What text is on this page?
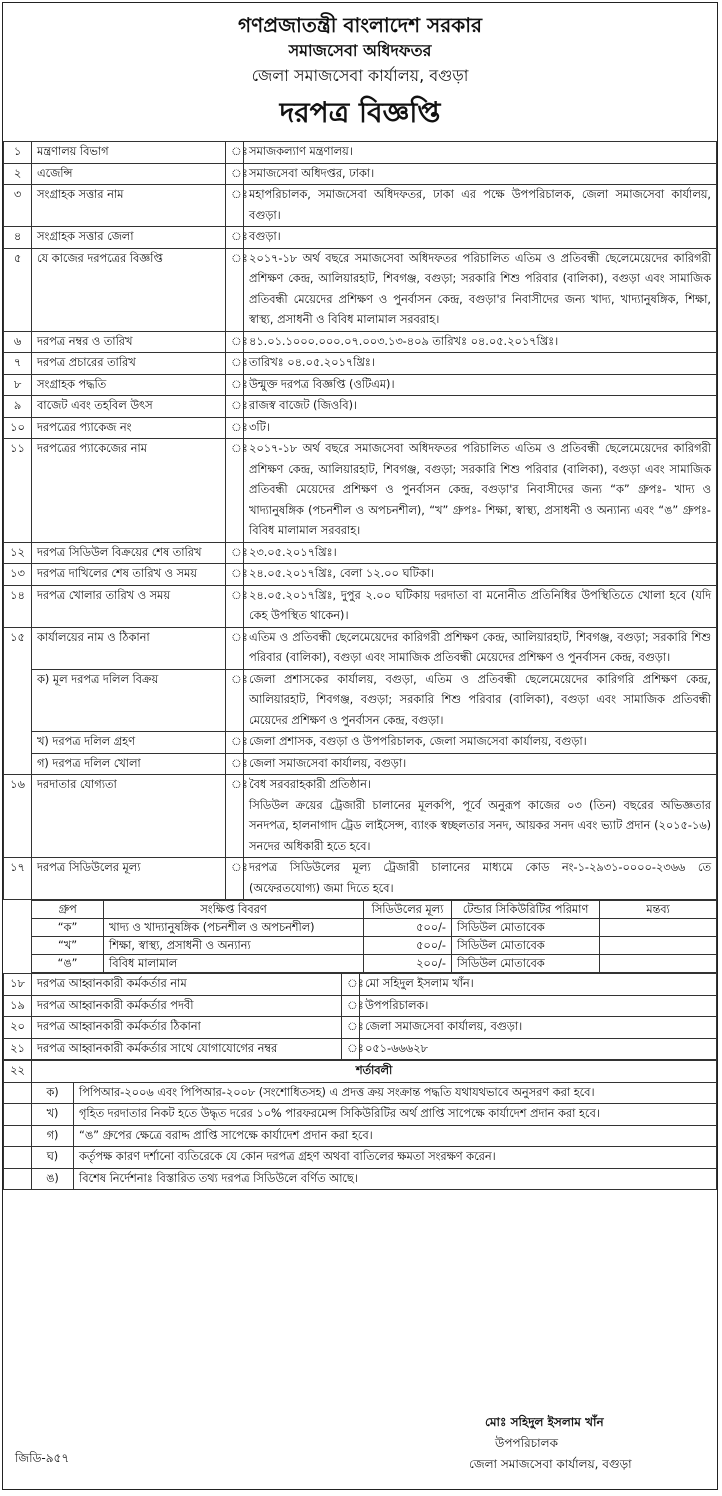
গণপ্রজাতন্ত্রী বাংলাদেশ সরকার
সমাজসেবা অধিদফতর
জেলা সমাজসেবা কার্যালয়, বগুড়া
দরপত্র বিজ্ঞপ্তি
১	মন্ত্রণালয় বিভাগ	ঃ	সমাজকল্যাণ মন্ত্রণালয়।
২	এজেন্সি	ঃ	সমাজসেবা অধিদপ্তর, ঢাকা।
৩	সংগ্রাহক সত্তার নাম	ঃ	মহাপরিচালক, সমাজসেবা অধিদফতর, ঢাকা এর পক্ষে উপপরিচালক, জেলা সমাজসেবা কার্যালয়, বগুড়া।
৪	সংগ্রাহক সত্তার জেলা	ঃ	বগুড়া।
৫	যে কাজের দরপত্রের বিজ্ঞপ্তি	ঃ	২০১৭-১৮ অর্থ বছরে সমাজসেবা অধিদফতর পরিচালিত এতিম ও প্রতিবন্ধী ছেলেমেয়েদের কারিগরী প্রশিক্ষণ কেন্দ্র, আলিয়ারহাট, শিবগঞ্জ, বগুড়া; সরকারি শিশু পরিবার (বালিকা), বগুড়া এবং সামাজিক প্রতিবন্ধী মেয়েদের প্রশিক্ষণ ও পুনর্বাসন কেন্দ্র, বগুড়া'র নিবাসীদের জন্য খাদ্য, খাদ্যানুষঙ্গিক, শিক্ষা, স্বাস্থ্য, প্রসাধনী ও বিবিধ মালামাল সরবরাহ।
৬	দরপত্র নম্বর ও তারিখ	ঃ	৪১.০১.১০০০.০০০.০৭.০০৩.১৩-৪০৯ তারিখঃ ০৪.০৫.২০১৭খ্রিঃ।
৭	দরপত্র প্রচারের তারিখ	ঃ	তারিখঃ ০৪.০৫.২০১৭খ্রিঃ।
৮	সংগ্রাহক পদ্ধতি	ঃ	উন্মুক্ত দরপত্র বিজ্ঞপ্তি (ওটিএম)।
৯	বাজেট এবং তহবিল উৎস	ঃ	রাজস্ব বাজেট (জিওবি)।
১০	দরপত্রের প্যাকেজ নং	ঃ	৩টি।
১১	দরপত্রের প্যাকেজের নাম	ঃ	২০১৭-১৮ অর্থ বছরে সমাজসেবা অধিদফতর পরিচালিত এতিম ও প্রতিবন্ধী ছেলেমেয়েদের কারিগরী প্রশিক্ষণ কেন্দ্র, আলিয়ারহাট, শিবগঞ্জ, বগুড়া; সরকারি শিশু পরিবার (বালিকা), বগুড়া এবং সামাজিক প্রতিবন্ধী মেয়েদের প্রশিক্ষণ ও পুনর্বাসন কেন্দ্র, বগুড়া'র নিবাসীদের জন্য “ক” গ্রুপঃ- খাদ্য ও খাদ্যানুষঙ্গিক (পচনশীল ও অপচনশীল), “খ” গ্রুপঃ- শিক্ষা, স্বাস্থ্য, প্রসাধনী ও অন্যান্য এবং “ঙ” গ্রুপঃ- বিবিধ মালামাল সরবরাহ।
১২	দরপত্র সিডিউল বিক্রয়ের শেষ তারিখ	ঃ	২৩.০৫.২০১৭খ্রিঃ।
১৩	দরপত্র দাখিলের শেষ তারিখ ও সময়	ঃ	২৪.০৫.২০১৭খ্রিঃ, বেলা ১২.০০ ঘটিকা।
১৪	দরপত্র খোলার তারিখ ও সময়	ঃ	২৪.০৫.২০১৭খ্রিঃ, দুপুর ২.০০ ঘটিকায় দরদাতা বা মনোনীত প্রতিনিধির উপস্থিতিতে খোলা হবে (যদি কেহ উপস্থিত থাকেন)।
১৫	কার্যালয়ের নাম ও ঠিকানা	ঃ	এতিম ও প্রতিবন্ধী ছেলেমেয়েদের কারিগরী প্রশিক্ষণ কেন্দ্র, আলিয়ারহাট, শিবগঞ্জ, বগুড়া; সরকারি শিশু পরিবার (বালিকা), বগুড়া এবং সামাজিক প্রতিবন্ধী মেয়েদের প্রশিক্ষণ ও পুনর্বাসন কেন্দ্র, বগুড়া।
	ক) মূল দরপত্র দলিল বিক্রয়	ঃ	জেলা প্রশাসকের কার্যালয়, বগুড়া, এতিম ও প্রতিবন্ধী ছেলেমেয়েদের কারিগরি প্রশিক্ষণ কেন্দ্র, আলিয়ারহাট, শিবগঞ্জ, বগুড়া; সরকারি শিশু পরিবার (বালিকা), বগুড়া এবং সামাজিক প্রতিবন্ধী মেয়েদের প্রশিক্ষণ ও পুনর্বাসন কেন্দ্র, বগুড়া।
	খ) দরপত্র দলিল গ্রহণ	ঃ	জেলা প্রশাসক, বগুড়া ও উপপরিচালক, জেলা সমাজসেবা কার্যালয়, বগুড়া।
	গ) দরপত্র দলিল খোলা	ঃ	জেলা সমাজসেবা কার্যালয়, বগুড়া।
১৬	দরদাতার যোগ্যতা	ঃ	বৈধ সরবরাহকারী প্রতিষ্ঠান।
সিডিউল ক্রয়ের ট্রেজারী চালানের মূলকপি, পূর্বে অনুরূপ কাজের ০৩ (তিন) বছরের অভিজ্ঞতার সনদপত্র, হালনাগাদ ট্রেড লাইসেন্স, ব্যাংক স্বচ্ছলতার সনদ, আয়কর সনদ এবং ভ্যাট প্রদান (২০১৫-১৬) সনদের অধিকারী হতে হবে।

১৭	দরপত্র সিডিউলের মূল্য	ঃ	দরপত্র সিডিউলের মূল্য ট্রেজারী চালানের মাধ্যমে কোড নং-১-২৯৩১-০০০০-২৩৬৬ তে (অফেরতযোগ্য) জমা দিতে হবে।
গ্রুপ	সংক্ষিপ্ত বিবরণ	সিডিউলের মূল্য	টেন্ডার সিকিউরিটির পরিমাণ	মন্তব্য
“ক”	খাদ্য ও খাদ্যানুষঙ্গিক (পচনশীল ও অপচনশীল)	৫০০/-	সিডিউল মোতাবেক	
“খ”	শিক্ষা, স্বাস্থ্য, প্রসাধনী ও অন্যান্য	৫০০/-	সিডিউল মোতাবেক	
“ঙ”	বিবিধ মালামাল	২০০/-	সিডিউল মোতাবেক	
১৮	দরপত্র আহ্বানকারী কর্মকর্তার নাম	ঃ	মো সহিদুল ইসলাম খাঁন।
১৯	দরপত্র আহ্বানকারী কর্মকর্তার পদবী	ঃ	উপপরিচালক।
২০	দরপত্র আহ্বানকারী কর্মকর্তার ঠিকানা	ঃ	জেলা সমাজসেবা কার্যালয়, বগুড়া।
২১	দরপত্র আহ্বানকারী কর্মকর্তার সাথে যোগাযোগের নম্বর	ঃ	০৫১-৬৬৬২৮
২২	শর্তাবলী	
	ক)	পিপিআর-২০০৬ এবং পিপিআর-২০০৮ (সংশোধিতসহ) এ প্রদত্ত ক্রয় সংক্রান্ত পদ্ধতি যথাযথভাবে অনুসরণ করা হবে।
	খ)	গৃহিত দরদাতার নিকট হতে উদ্ধৃত দরের ১০% পারফরমেন্স সিকিউরিটির অর্থ প্রাপ্তি সাপেক্ষে কার্যাদেশ প্রদান করা হবে।
	গ)	“ঙ” গ্রুপের ক্ষেত্রে বরাদ্দ প্রাপ্তি সাপেক্ষে কার্যাদেশ প্রদান করা হবে।
	ঘ)	কর্তৃপক্ষ কারণ দর্শানো ব্যতিরেকে যে কোন দরপত্র গ্রহণ অথবা বাতিলের ক্ষমতা সংরক্ষণ করেন।
	ঙ)	বিশেষ নির্দেশনাঃ বিস্তারিত তথ্য দরপত্র সিডিউলে বর্ণিত আছে।
মোঃ সহিদুল ইসলাম খাঁন
উপপরিচালক
জেলা সমাজসেবা কার্যালয়, বগুড়া
জিডি-৯৫৭
